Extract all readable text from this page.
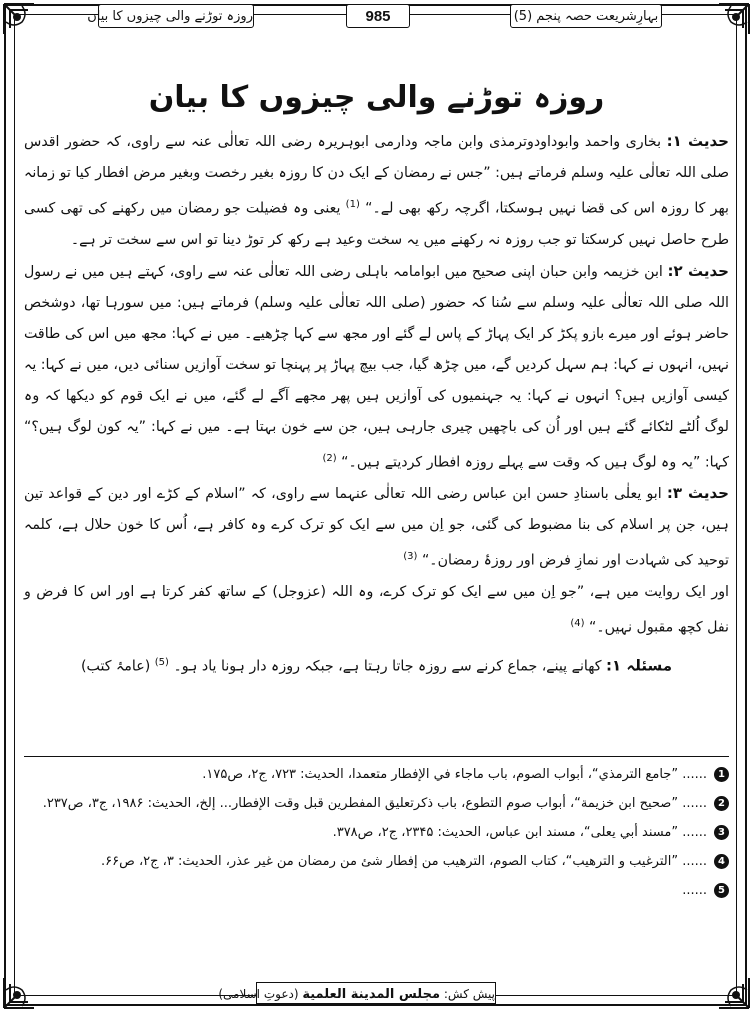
روزہ توڑنے والی چیزوں کا بیان	985	بہارِشریعت حصہ پنجم (5)
روزہ توڑنے والی چیزوں کا بیان

حدیث ۱: بخاری واحمد وابوداودوترمذی وابن ماجہ ودارمی ابوہریرہ رضی اللہ تعالٰی عنہ سے راوی، کہ حضور اقدس صلی اللہ تعالٰی علیہ وسلم فرماتے ہیں: ”جس نے رمضان کے ایک دن کا روزہ بغیر رخصت وبغیر مرض افطار کیا تو زمانہ بھر کا روزہ اس کی قضا نہیں ہوسکتا، اگرچہ رکھ بھی لے۔“ $^{(1)}$ یعنی وہ فضیلت جو رمضان میں رکھنے کی تھی کسی طرح حاصل نہیں کرسکتا تو جب روزہ نہ رکھنے میں یہ سخت وعید ہے رکھ کر توڑ دینا تو اس سے سخت تر ہے۔

حدیث ۲: ابن خزیمہ وابن حبان اپنی صحیح میں ابوامامہ باہلی رضی اللہ تعالٰی عنہ سے راوی، کہتے ہیں میں نے رسول اللہ صلی اللہ تعالٰی علیہ وسلم سے سُنا کہ حضور (صلی اللہ تعالٰی علیہ وسلم) فرماتے ہیں: میں سورہا تھا، دوشخص حاضر ہوئے اور میرے بازو پکڑ کر ایک پہاڑ کے پاس لے گئے اور مجھ سے کہا چڑھیے۔ میں نے کہا: مجھ میں اس کی طاقت نہیں، انہوں نے کہا: ہم سہل کردیں گے، میں چڑھ گیا، جب بیچ پہاڑ پر پہنچا تو سخت آوازیں سنائی دیں، میں نے کہا: یہ کیسی آوازیں ہیں؟ انہوں نے کہا: یہ جہنمیوں کی آوازیں ہیں پھر مجھے آگے لے گئے، میں نے ایک قوم کو دیکھا کہ وہ لوگ اُلٹے لٹکائے گئے ہیں اور اُن کی باچھیں چیری جارہی ہیں، جن سے خون بہتا ہے۔ میں نے کہا: ”یہ کون لوگ ہیں؟“ کہا: ”یہ وہ لوگ ہیں کہ وقت سے پہلے روزہ افطار کردیتے ہیں۔“ $^{(2)}$

حدیث ۳: ابو یعلٰی باسنادِ حسن ابن عباس رضی اللہ تعالٰی عنہما سے راوی، کہ ”اسلام کے کڑے اور دین کے قواعد تین ہیں، جن پر اسلام کی بنا مضبوط کی گئی، جو اِن میں سے ایک کو ترک کرے وہ کافر ہے، اُس کا خون حلال ہے، کلمہ توحید کی شہادت اور نمازِ فرض اور روزۂ رمضان۔“ $^{(3)}$

اور ایک روایت میں ہے، ”جو اِن میں سے ایک کو ترک کرے، وہ اللہ (عزوجل) کے ساتھ کفر کرتا ہے اور اس کا فرض و نفل کچھ مقبول نہیں۔“ $^{(4)}$

مسئلہ ۱: کھانے پینے، جماع کرنے سے روزہ جاتا رہتا ہے، جبکہ روزہ دار ہونا یاد ہو۔ $^{(5)}$ (عامۂ کتب)
1
...... ”جامع الترمذي“، أبواب الصوم، باب ماجاء في الإفطار متعمدا، الحديث: ۷۲۳، ج۲، ص۱۷۵.
2
...... ”صحيح ابن خزيمة“، أبواب صوم التطوع، باب ذكرتعليق المفطرين قبل وقت الإفطار... إلخ، الحديث: ۱۹۸۶، ج۳، ص۲۳۷.
3
...... ”مسند أبي يعلى“، مسند ابن عباس، الحديث: ۲۳۴۵، ج۲، ص۳۷۸.
4
...... ”الترغيب و الترهيب“، كتاب الصوم، الترهيب من إفطار شئ من رمضان من غير عذر، الحديث: ۳، ج۲، ص۶۶.
5
......
پیش کش: مجلس المدينة العلمية (دعوتِ اسلامی)
